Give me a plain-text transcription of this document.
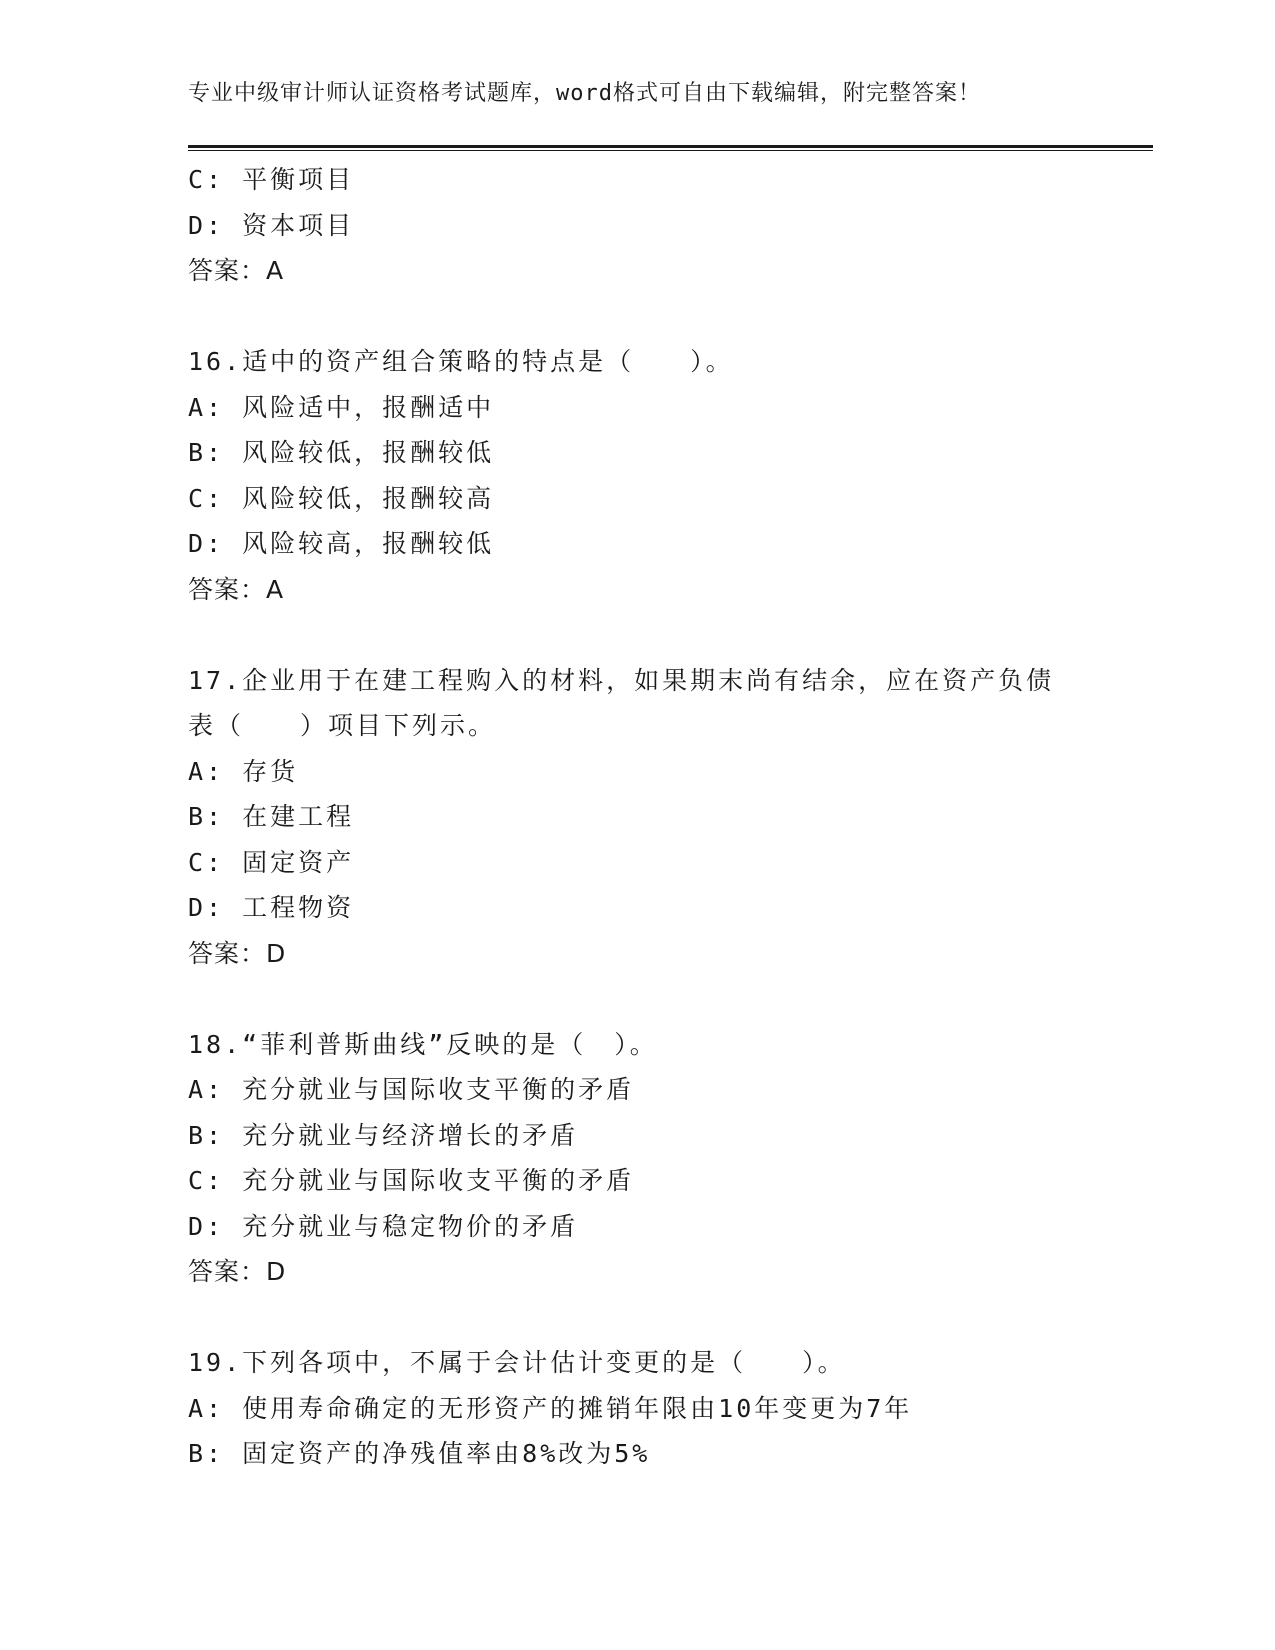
专业中级审计师认证资格考试题库，word格式可自由下载编辑，附完整答案！
C: 平衡项目
D: 资本项目
答案：A
16.适中的资产组合策略的特点是（　　）。
A: 风险适中，报酬适中
B: 风险较低，报酬较低
C: 风险较低，报酬较高
D: 风险较高，报酬较低
答案：A
17.企业用于在建工程购入的材料，如果期末尚有结余，应在资产负债
表（　　）项目下列示。
A: 存货
B: 在建工程
C: 固定资产
D: 工程物资
答案：D
18.“菲利普斯曲线”反映的是（　）。
A: 充分就业与国际收支平衡的矛盾
B: 充分就业与经济增长的矛盾
C: 充分就业与国际收支平衡的矛盾
D: 充分就业与稳定物价的矛盾
答案：D
19.下列各项中，不属于会计估计变更的是（　　）。
A: 使用寿命确定的无形资产的摊销年限由10年变更为7年
B: 固定资产的净残值率由8%改为5%
